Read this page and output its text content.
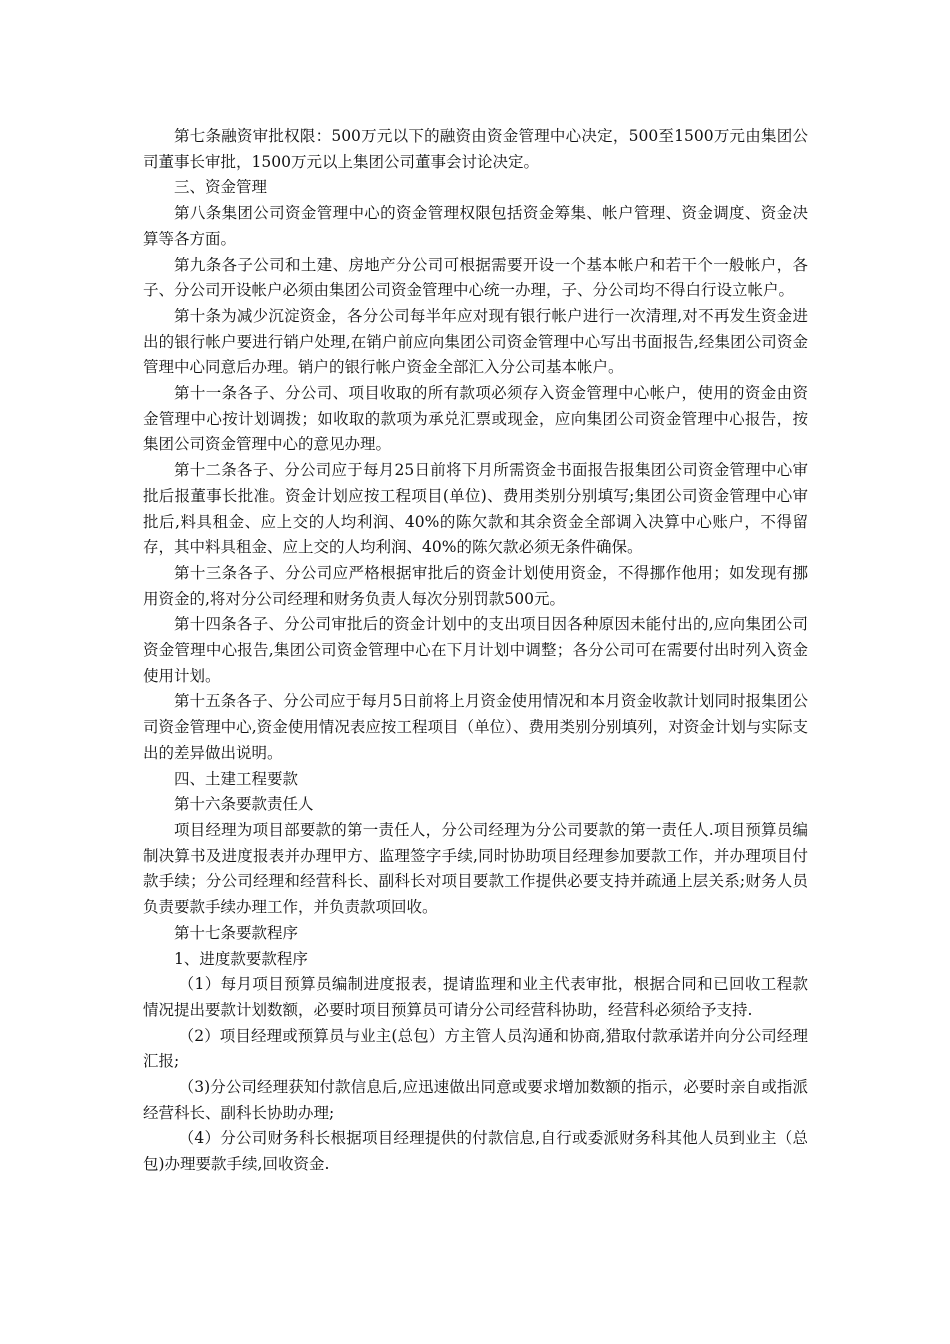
第七条融资审批权限：500万元以下的融资由资金管理中心决定，500至1500万元由集团公司董事长审批，1500万元以上集团公司董事会讨论决定。

三、资金管理

第八条集团公司资金管理中心的资金管理权限包括资金筹集、帐户管理、资金调度、资金决算等各方面。

第九条各子公司和土建、房地产分公司可根据需要开设一个基本帐户和若干个一般帐户，各子、分公司开设帐户必须由集团公司资金管理中心统一办理，子、分公司均不得白行设立帐户。

第十条为减少沉淀资金，各分公司每半年应对现有银行帐户进行一次清理,对不再发生资金进出的银行帐户要进行销户处理,在销户前应向集团公司资金管理中心写出书面报告,经集团公司资金管理中心同意后办理。销户的银行帐户资金全部汇入分公司基本帐户。

第十一条各子、分公司、项目收取的所有款项必须存入资金管理中心帐户，使用的资金由资金管理中心按计划调拨；如收取的款项为承兑汇票或现金，应向集团公司资金管理中心报告，按集团公司资金管理中心的意见办理。

第十二条各子、分公司应于每月25日前将下月所需资金书面报告报集团公司资金管理中心审批后报董事长批准。资金计划应按工程项目(单位)、费用类别分别填写;集团公司资金管理中心审批后,料具租金、应上交的人均利润、40%的陈欠款和其余资金全部调入决算中心账户，不得留存，其中料具租金、应上交的人均利润、40%的陈欠款必须无条件确保。

第十三条各子、分公司应严格根据审批后的资金计划使用资金，不得挪作他用；如发现有挪用资金的,将对分公司经理和财务负责人每次分别罚款500元。

第十四条各子、分公司审批后的资金计划中的支出项目因各种原因未能付出的,应向集团公司资金管理中心报告,集团公司资金管理中心在下月计划中调整；各分公司可在需要付出时列入资金使用计划。

第十五条各子、分公司应于每月5日前将上月资金使用情况和本月资金收款计划同时报集团公司资金管理中心,资金使用情况表应按工程项目（单位）、费用类别分别填列，对资金计划与实际支出的差异做出说明。

四、土建工程要款

第十六条要款责任人

项目经理为项目部要款的第一责任人，分公司经理为分公司要款的第一责任人.项目预算员编制决算书及进度报表并办理甲方、监理签字手续,同时协助项目经理参加要款工作，并办理项目付款手续；分公司经理和经营科长、副科长对项目要款工作提供必要支持并疏通上层关系;财务人员负责要款手续办理工作，并负责款项回收。

第十七条要款程序

1、进度款要款程序

（1）每月项目预算员编制进度报表，提请监理和业主代表审批，根据合同和已回收工程款情况提出要款计划数额，必要时项目预算员可请分公司经营科协助，经营科必须给予支持.

（2）项目经理或预算员与业主(总包）方主管人员沟通和协商,猎取付款承诺并向分公司经理汇报;

（3)分公司经理获知付款信息后,应迅速做出同意或要求增加数额的指示，必要时亲自或指派经营科长、副科长协助办理;

（4）分公司财务科长根据项目经理提供的付款信息,自行或委派财务科其他人员到业主（总包)办理要款手续,回收资金.
